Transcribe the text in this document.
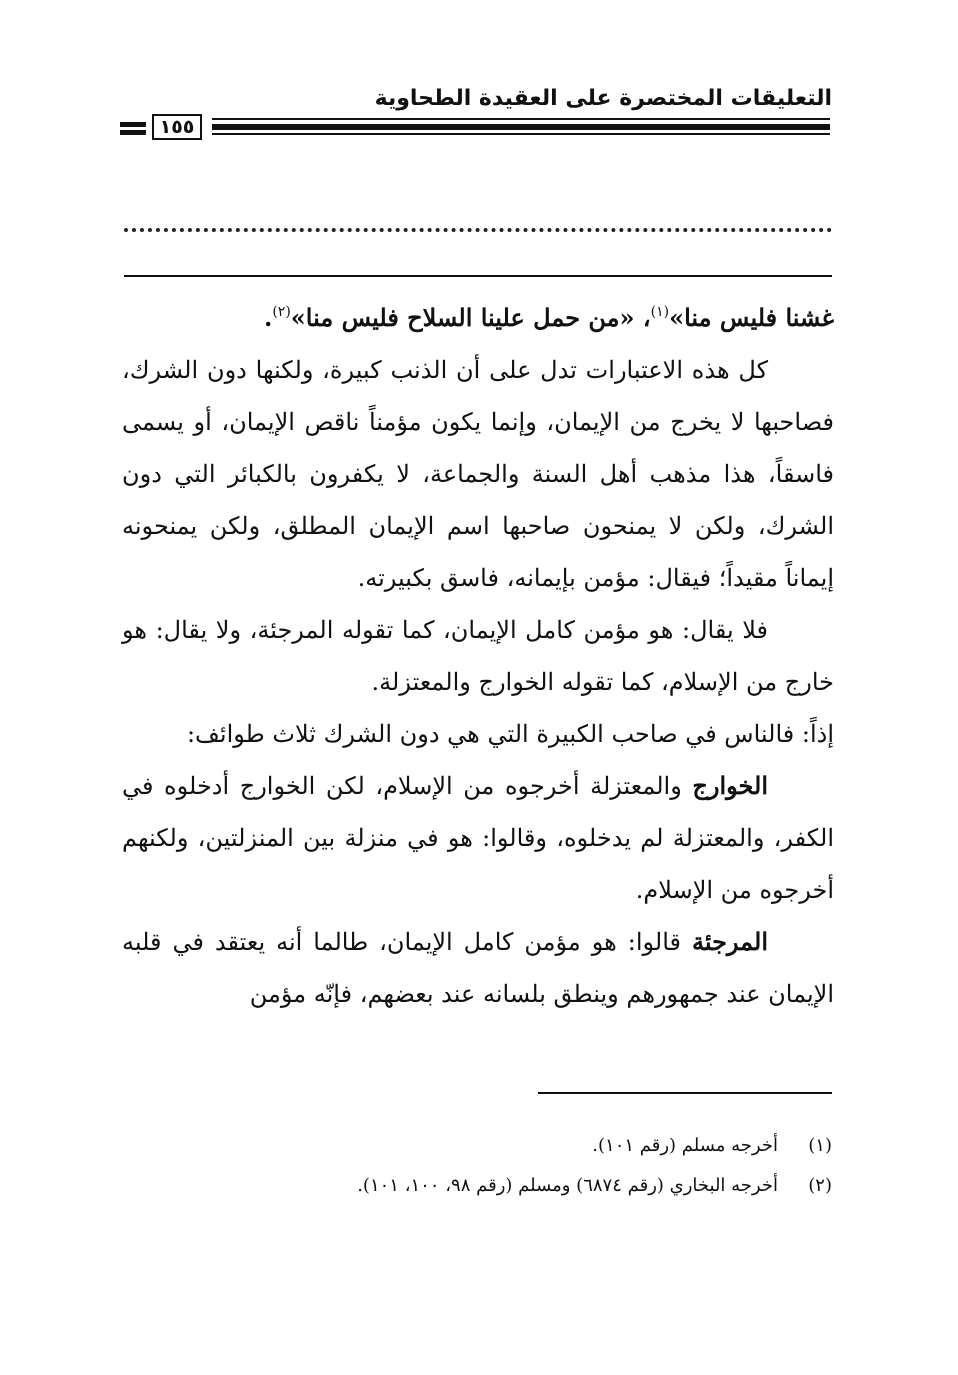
التعليقات المختصرة على العقيدة الطحاوية
١٥٥

غشنا فليس منا»$^{(١)}$، «من حمل علينا السلاح فليس منا»$^{(٢)}$.

كل هذه الاعتبارات تدل على أن الذنب كبيرة، ولكنها دون الشرك، فصاحبها لا يخرج من الإيمان، وإنما يكون مؤمناً ناقص الإيمان، أو يسمى فاسقاً، هذا مذهب أهل السنة والجماعة، لا يكفرون بالكبائر التي دون الشرك، ولكن لا يمنحون صاحبها اسم الإيمان المطلق، ولكن يمنحونه إيماناً مقيداً؛ فيقال: مؤمن بإيمانه، فاسق بكبيرته.

فلا يقال: هو مؤمن كامل الإيمان، كما تقوله المرجئة، ولا يقال: هو خارج من الإسلام، كما تقوله الخوارج والمعتزلة.

إذاً: فالناس في صاحب الكبيرة التي هي دون الشرك ثلاث طوائف:

الخوارج والمعتزلة أخرجوه من الإسلام، لكن الخوارج أدخلوه في الكفر، والمعتزلة لم يدخلوه، وقالوا: هو في منزلة بين المنزلتين، ولكنهم أخرجوه من الإسلام.

المرجئة قالوا: هو مؤمن كامل الإيمان، طالما أنه يعتقد في قلبه الإيمان عند جمهورهم وينطق بلسانه عند بعضهم، فإنّه مؤمن

(١)أخرجه مسلم (رقم ١٠١).

(٢)أخرجه البخاري (رقم ٦٨٧٤) ومسلم (رقم ٩٨، ١٠٠، ١٠١).
